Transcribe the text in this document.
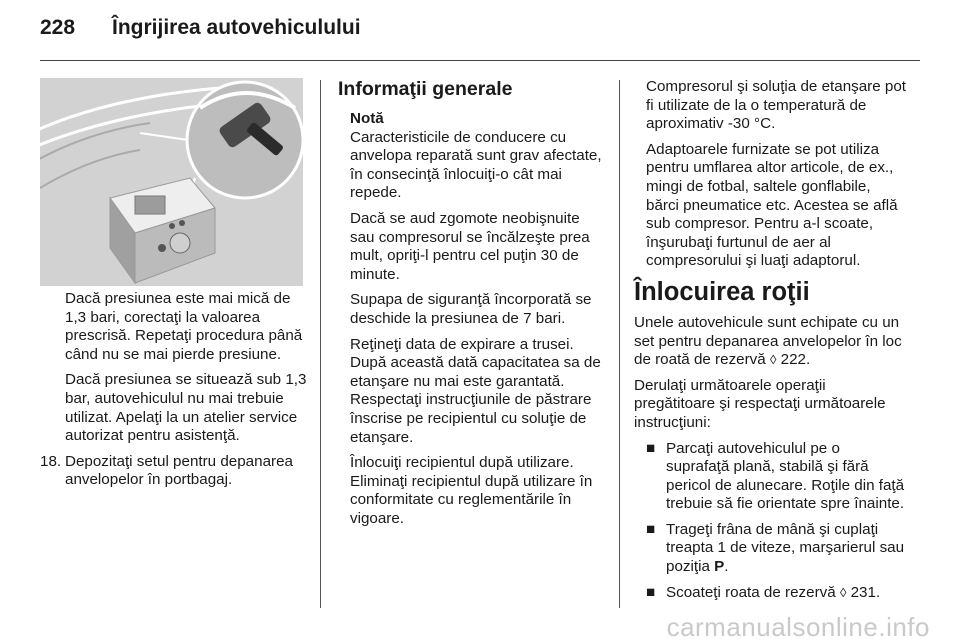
228	Îngrijirea autovehiculului

Dacă presiunea este mai mică de 1,3 bari, corectaţi la valoarea prescrisă. Repetaţi procedura până când nu se mai pierde presiune.

Dacă presiunea se situează sub 1,3 bar, autovehiculul nu mai trebuie utilizat. Apelaţi la un atelier service autorizat pentru asistenţă.

18. Depozitaţi setul pentru depanarea anvelopelor în portbagaj.
Informaţii generale
Notă

Caracteristicile de conducere cu anvelopa reparată sunt grav afectate, în consecinţă înlocuiţi-o cât mai repede.

Dacă se aud zgomote neobişnuite sau compresorul se încălzeşte prea mult, opriţi-l pentru cel puţin 30 de minute.

Supapa de siguranţă încorporată se deschide la presiunea de 7 bari.

Reţineţi data de expirare a trusei. După această dată capacitatea sa de etanşare nu mai este garantată. Respectaţi instrucţiunile de păstrare înscrise pe recipientul cu soluţie de etanşare.

Înlocuiţi recipientul după utilizare. Eliminaţi recipientul după utilizare în conformitate cu reglementările în vigoare.

Compresorul şi soluţia de etanşare pot fi utilizate de la o temperatură de aproximativ -30 °C.

Adaptoarele furnizate se pot utiliza pentru umflarea altor articole, de ex., mingi de fotbal, saltele gonflabile, bărci pneumatice etc. Acestea se află sub compresor. Pentru a-l scoate, înşurubaţi furtunul de aer al compresorului şi luaţi adaptorul.

Înlocuirea roţii

Unele autovehicule sunt echipate cu un set pentru depanarea anvelopelor în loc de roată de rezervă ◊ 222.

Derulaţi următoarele operaţii pregătitoare şi respectaţi următoarele instrucţiuni:

■ Parcaţi autovehiculul pe o suprafaţă plană, stabilă şi fără pericol de alunecare. Roţile din faţă trebuie să fie orientate spre înainte.
■ Trageţi frâna de mână şi cuplaţi treapta 1 de viteze, marşarierul sau poziţia P.
■ Scoateţi roata de rezervă ◊ 231.
carmanualsonline.info
